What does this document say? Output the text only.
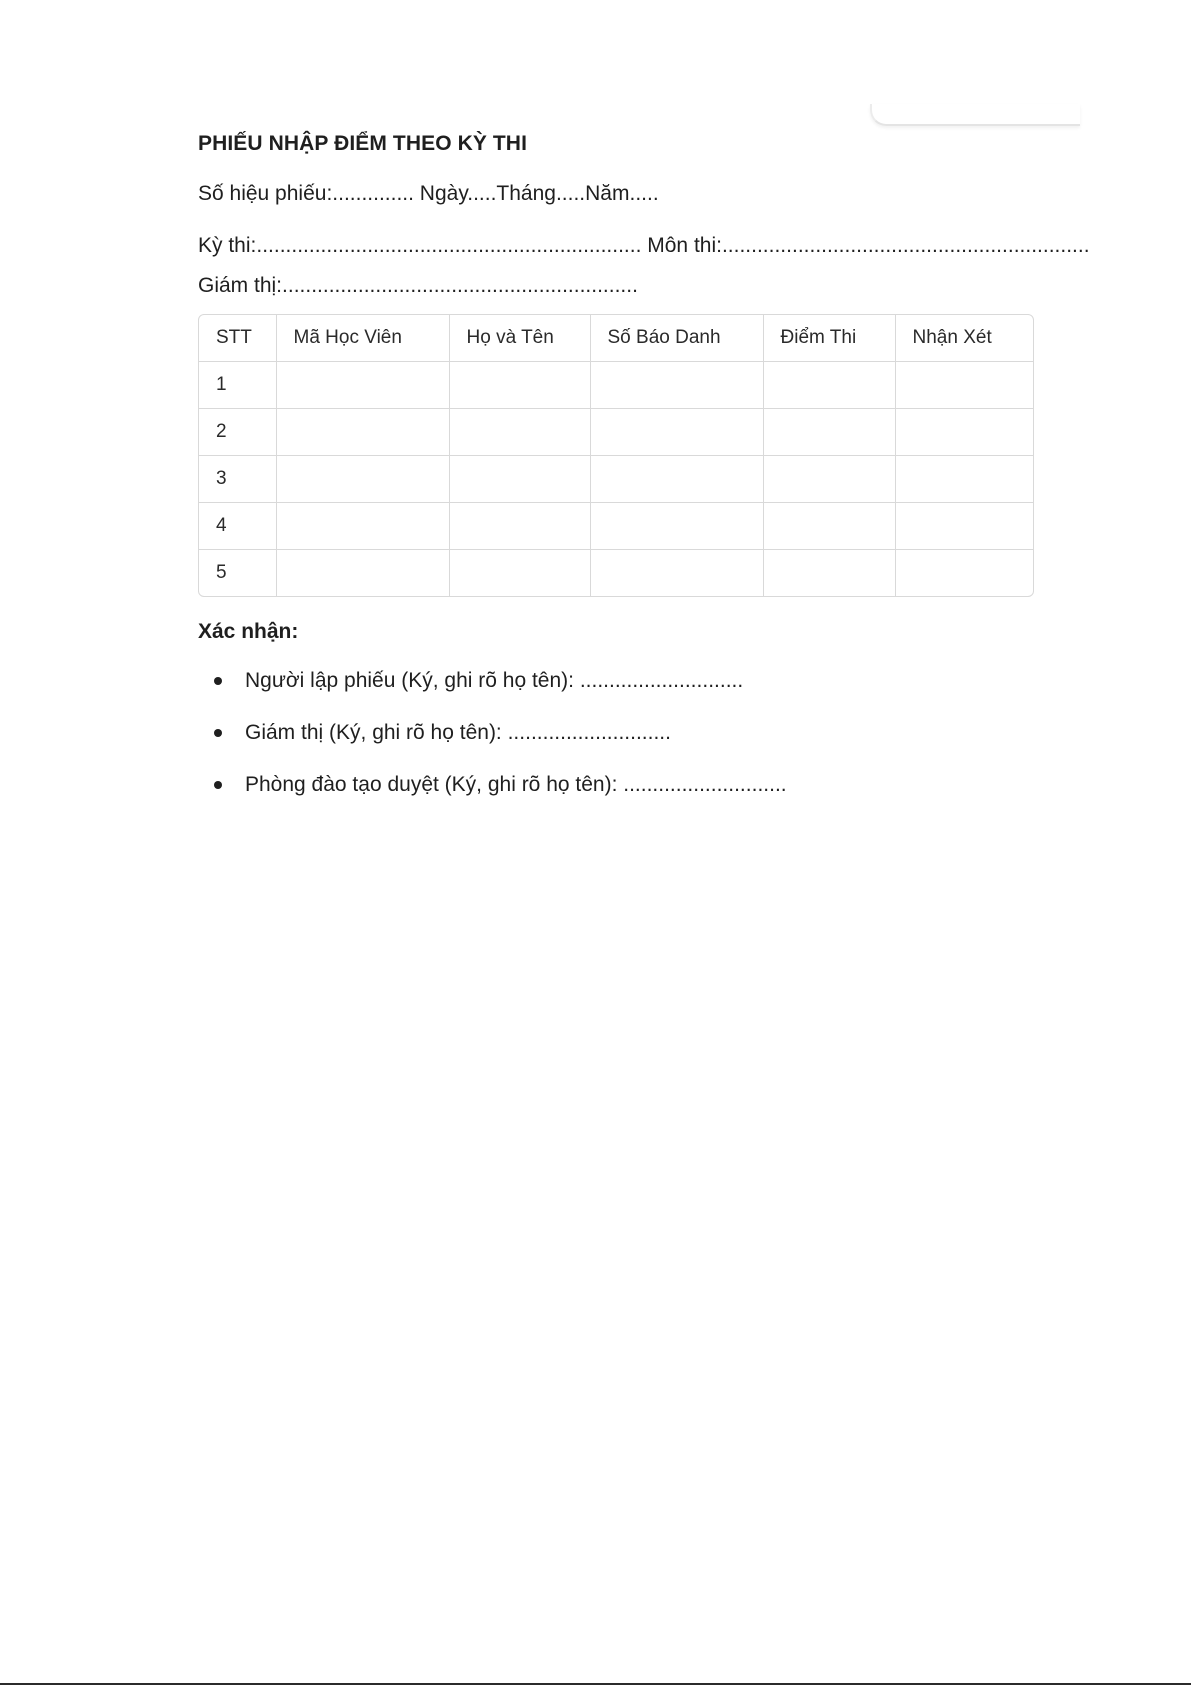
PHIẾU NHẬP ĐIỂM THEO KỲ THI
Số hiệu phiếu:.............. Ngày.....Tháng.....Năm.....
Kỳ thi:.................................................................. Môn thi:...............................................................
Giám thị:.............................................................
STT	Mã Học Viên	Họ và Tên	Số Báo Danh	Điểm Thi	Nhận Xét
1					
2					
3					
4					
5					
Xác nhận:
Người lập phiếu (Ký, ghi rõ họ tên): ............................
Giám thị (Ký, ghi rõ họ tên): ............................
Phòng đào tạo duyệt (Ký, ghi rõ họ tên): ............................
